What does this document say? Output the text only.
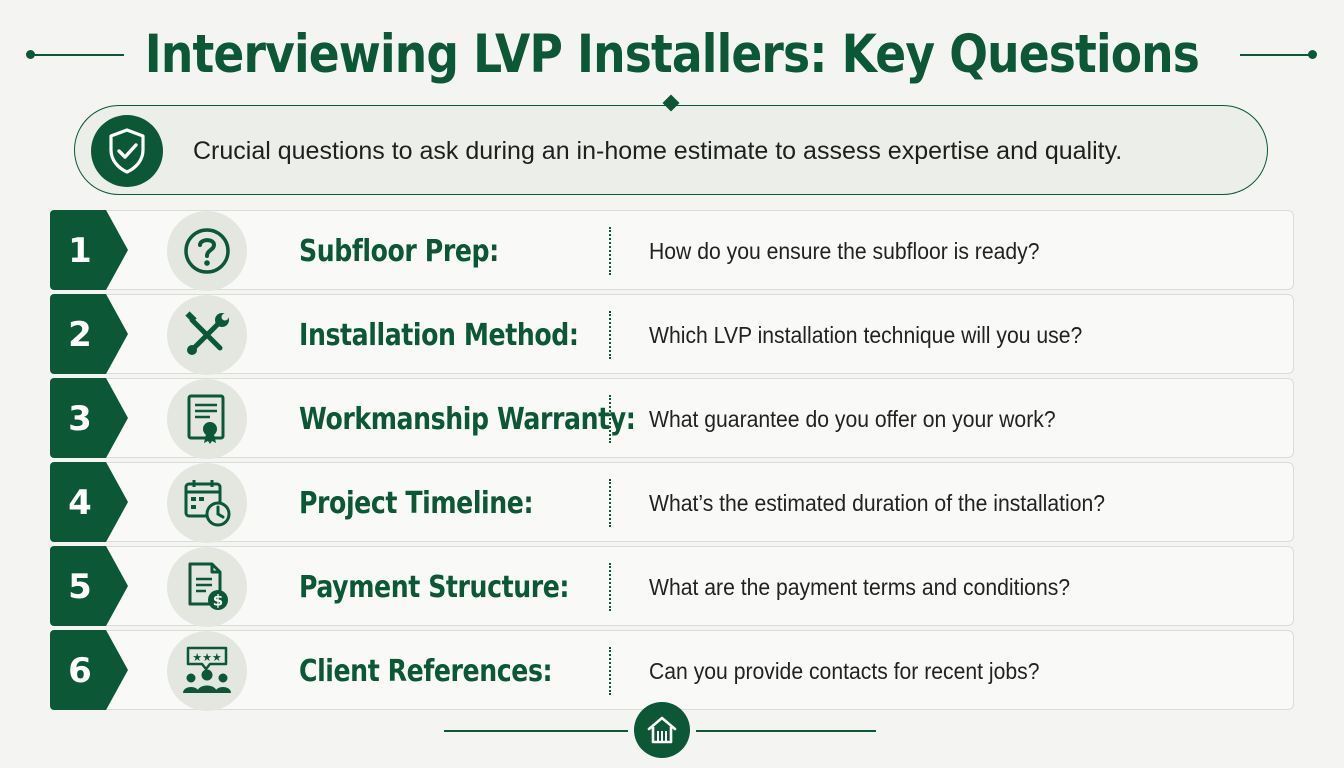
Interviewing LVP Installers: Key Questions
Crucial questions to ask during an in-home estimate to assess expertise and quality.
1	Subfloor Prep:	How do you ensure the subfloor is ready?
2	Installation Method:	Which LVP installation technique will you use?
3	Workmanship Warranty: What guarantee do you offer on your work?
4	Project Timeline:	What’s the estimated duration of the installation?
5	$	Payment Structure:	What are the payment terms and conditions?
6	★★★	Client References:	Can you provide contacts for recent jobs?
